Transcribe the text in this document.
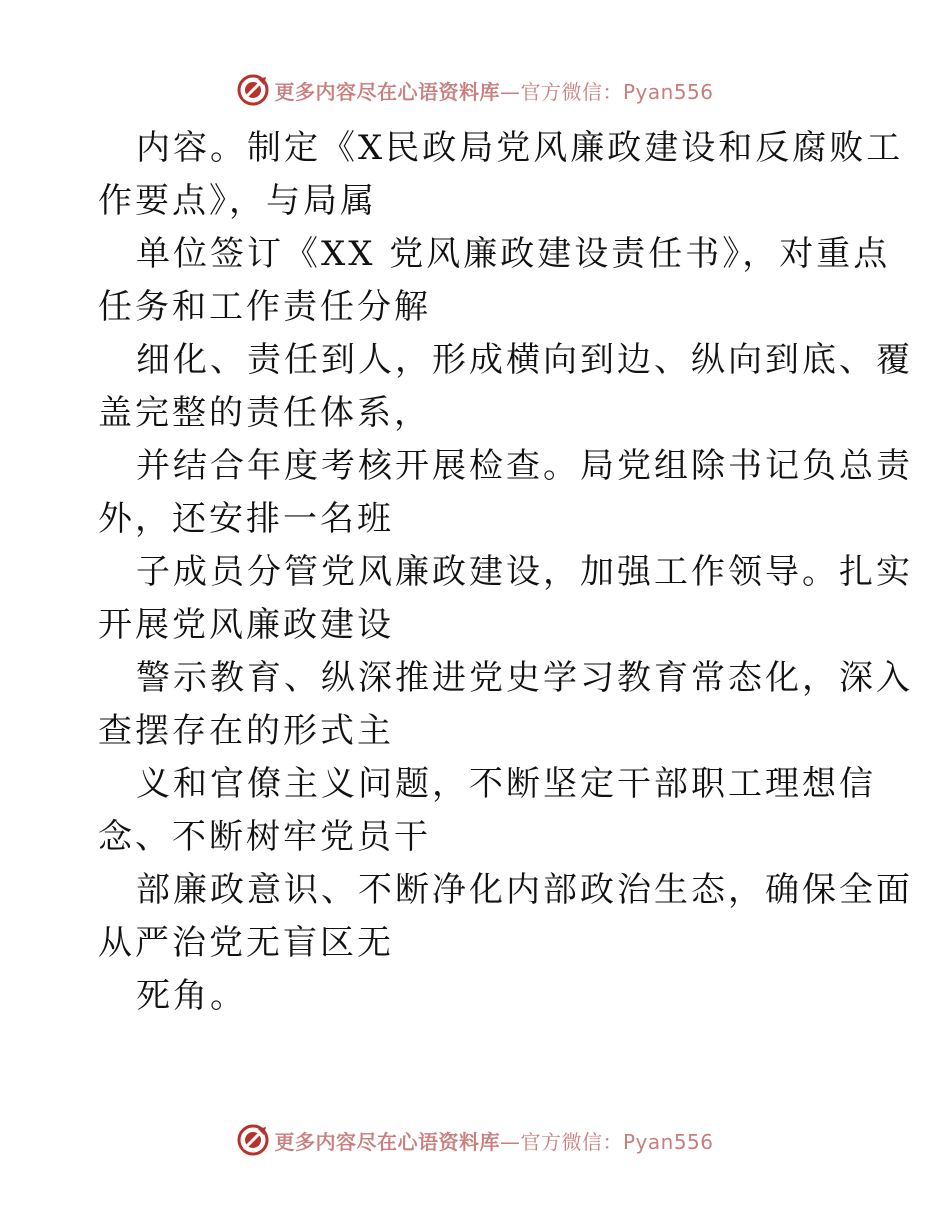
更多内容尽在心语资料库—官方微信：Pyan556
内容。制定《X民政局党风廉政建设和反腐败工
作要点》，与局属
单位签订《XX 党风廉政建设责任书》，对重点
任务和工作责任分解
细化、责任到人，形成横向到边、纵向到底、覆
盖完整的责任体系，
并结合年度考核开展检查。局党组除书记负总责
外，还安排一名班
子成员分管党风廉政建设，加强工作领导。扎实
开展党风廉政建设
警示教育、纵深推进党史学习教育常态化，深入
查摆存在的形式主
义和官僚主义问题，不断坚定干部职工理想信
念、不断树牢党员干
部廉政意识、不断净化内部政治生态，确保全面
从严治党无盲区无
死角。
更多内容尽在心语资料库—官方微信：Pyan556
